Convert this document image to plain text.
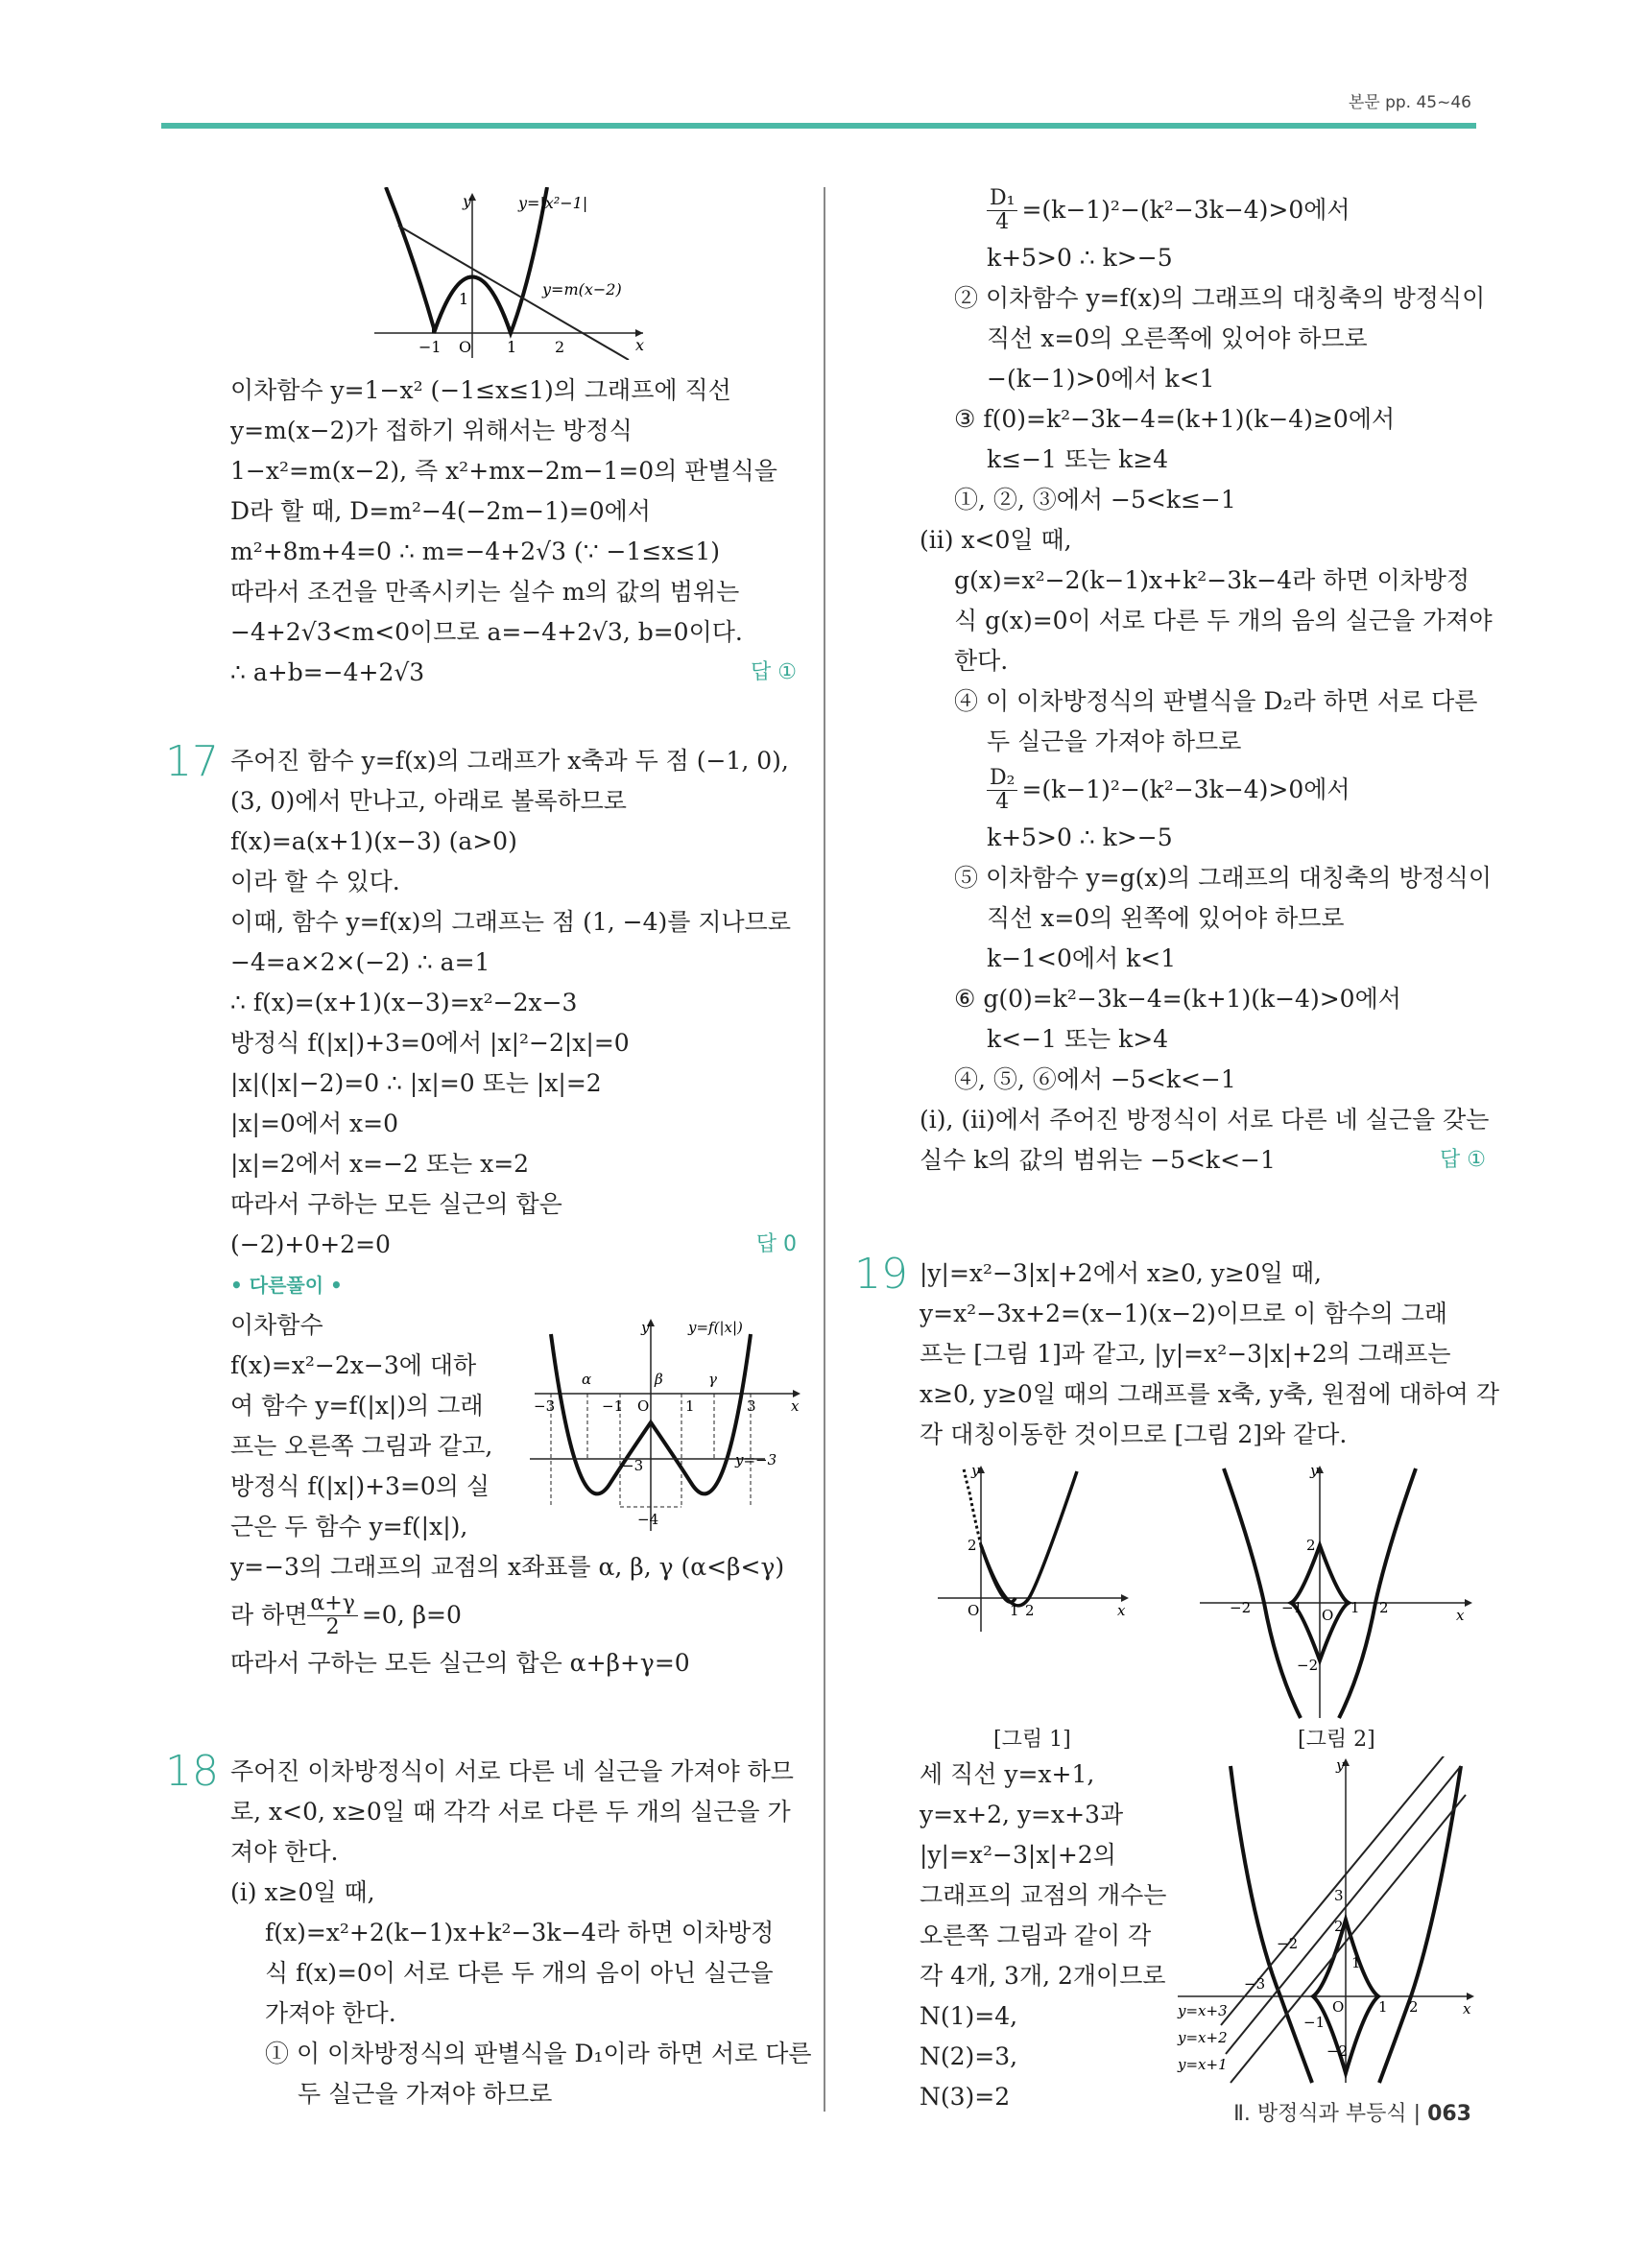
본문 pp. 45~46
y
x
y=|x²−1|
y=m(x−2)
−1 O 1 2
1
이차함수 y=1−x² (−1≤x≤1)의 그래프에 직선
y=m(x−2)가 접하기 위해서는 방정식
1−x²=m(x−2), 즉 x²+mx−2m−1=0의 판별식을
D라 할 때, D=m²−4(−2m−1)=0에서
m²+8m+4=0 ∴ m=−4+2√3 (∵ −1≤x≤1)
따라서 조건을 만족시키는 실수 m의 값의 범위는
−4+2√3<m<0이므로 a=−4+2√3, b=0이다.
∴ a+b=−4+2√3	답 ①
17 주어진 함수 y=f(x)의 그래프가 x축과 두 점 (−1, 0),
(3, 0)에서 만나고, 아래로 볼록하므로
f(x)=a(x+1)(x−3) (a>0)
이라 할 수 있다.
이때, 함수 y=f(x)의 그래프는 점 (1, −4)를 지나므로
−4=a×2×(−2) ∴ a=1
∴ f(x)=(x+1)(x−3)=x²−2x−3
방정식 f(|x|)+3=0에서 |x|²−2|x|=0
|x|(|x|−2)=0 ∴ |x|=0 또는 |x|=2
|x|=0에서 x=0
|x|=2에서 x=−2 또는 x=2
따라서 구하는 모든 실근의 합은
(−2)+0+2=0	답 0
• 다른풀이 •
이차함수
f(x)=x²−2x−3에 대하
여 함수 y=f(|x|)의 그래
프는 오른쪽 그림과 같고,
방정식 f(|x|)+3=0의 실
근은 두 함수 y=f(|x|),
y=−3의 그래프의 교점의 x좌표를 α, β, γ (α<β<γ)
라 하면 $\frac{\alpha+\gamma}{2} =0$, β=0
따라서 구하는 모든 실근의 합은 α+β+γ=0
y
x
y=f(|x|)
y=−3
α	β	γ
−3	−1 O	1	3
−3
−4
18 주어진 이차방정식이 서로 다른 네 실근을 가져야 하므
로, x<0, x≥0일 때 각각 서로 다른 두 개의 실근을 가
져야 한다.
(i) x≥0일 때,
f(x)=x²+2(k−1)x+k²−3k−4라 하면 이차방정
식 f(x)=0이 서로 다른 두 개의 음이 아닌 실근을
가져야 한다.
① 이 이차방정식의 판별식을 D₁이라 하면 서로 다른
두 실근을 가져야 하므로
$\frac{\text{D₁}}{4} =(k-1)^2-(k^2-3k-4)>0$에서
k+5>0 ∴ k>−5
② 이차함수 y=f(x)의 그래프의 대칭축의 방정식이
직선 x=0의 오른쪽에 있어야 하므로
−(k−1)>0에서 k<1
③ f(0)=k²−3k−4=(k+1)(k−4)≥0에서
k≤−1 또는 k≥4
①, ②, ③에서 −5<k≤−1
(ii) x<0일 때,
g(x)=x²−2(k−1)x+k²−3k−4라 하면 이차방정
식 g(x)=0이 서로 다른 두 개의 음의 실근을 가져야
한다.
④ 이 이차방정식의 판별식을 D₂라 하면 서로 다른
두 실근을 가져야 하므로
$\frac{\text{D₂}}{4} =(k-1)^2-(k^2-3k-4)>0$에서
k+5>0 ∴ k>−5
⑤ 이차함수 y=g(x)의 그래프의 대칭축의 방정식이
직선 x=0의 왼쪽에 있어야 하므로
k−1<0에서 k<1
⑥ g(0)=k²−3k−4=(k+1)(k−4)>0에서
k<−1 또는 k>4
④, ⑤, ⑥에서 −5<k<−1
(i), (ii)에서 주어진 방정식이 서로 다른 네 실근을 갖는
실수 k의 값의 범위는 −5<k<−1	답 ①
19 |y|=x²−3|x|+2에서 x≥0, y≥0일 때,
y=x²−3x+2=(x−1)(x−2)이므로 이 함수의 그래
프는 [그림 1]과 같고, |y|=x²−3|x|+2의 그래프는
x≥0, y≥0일 때의 그래프를 x축, y축, 원점에 대하여 각
각 대칭이동한 것이므로 [그림 2]와 같다.
y
x
O 1 2
2
y
x
O
−2 −1	1 2
2
−2
[그림 1]	[그림 2]
세 직선 y=x+1,
y=x+2, y=x+3과
|y|=x²−3|x|+2의
그래프의 교점의 개수는
오른쪽 그림과 같이 각
각 4개, 3개, 2개이므로
N(1)=4,
N(2)=3,
N(3)=2
y
x
O
y=x+3
y=x+2
y=x+1
−3
−2
1 2
3
2
1
−1
−2
Ⅱ. 방정식과 부등식 | 063
